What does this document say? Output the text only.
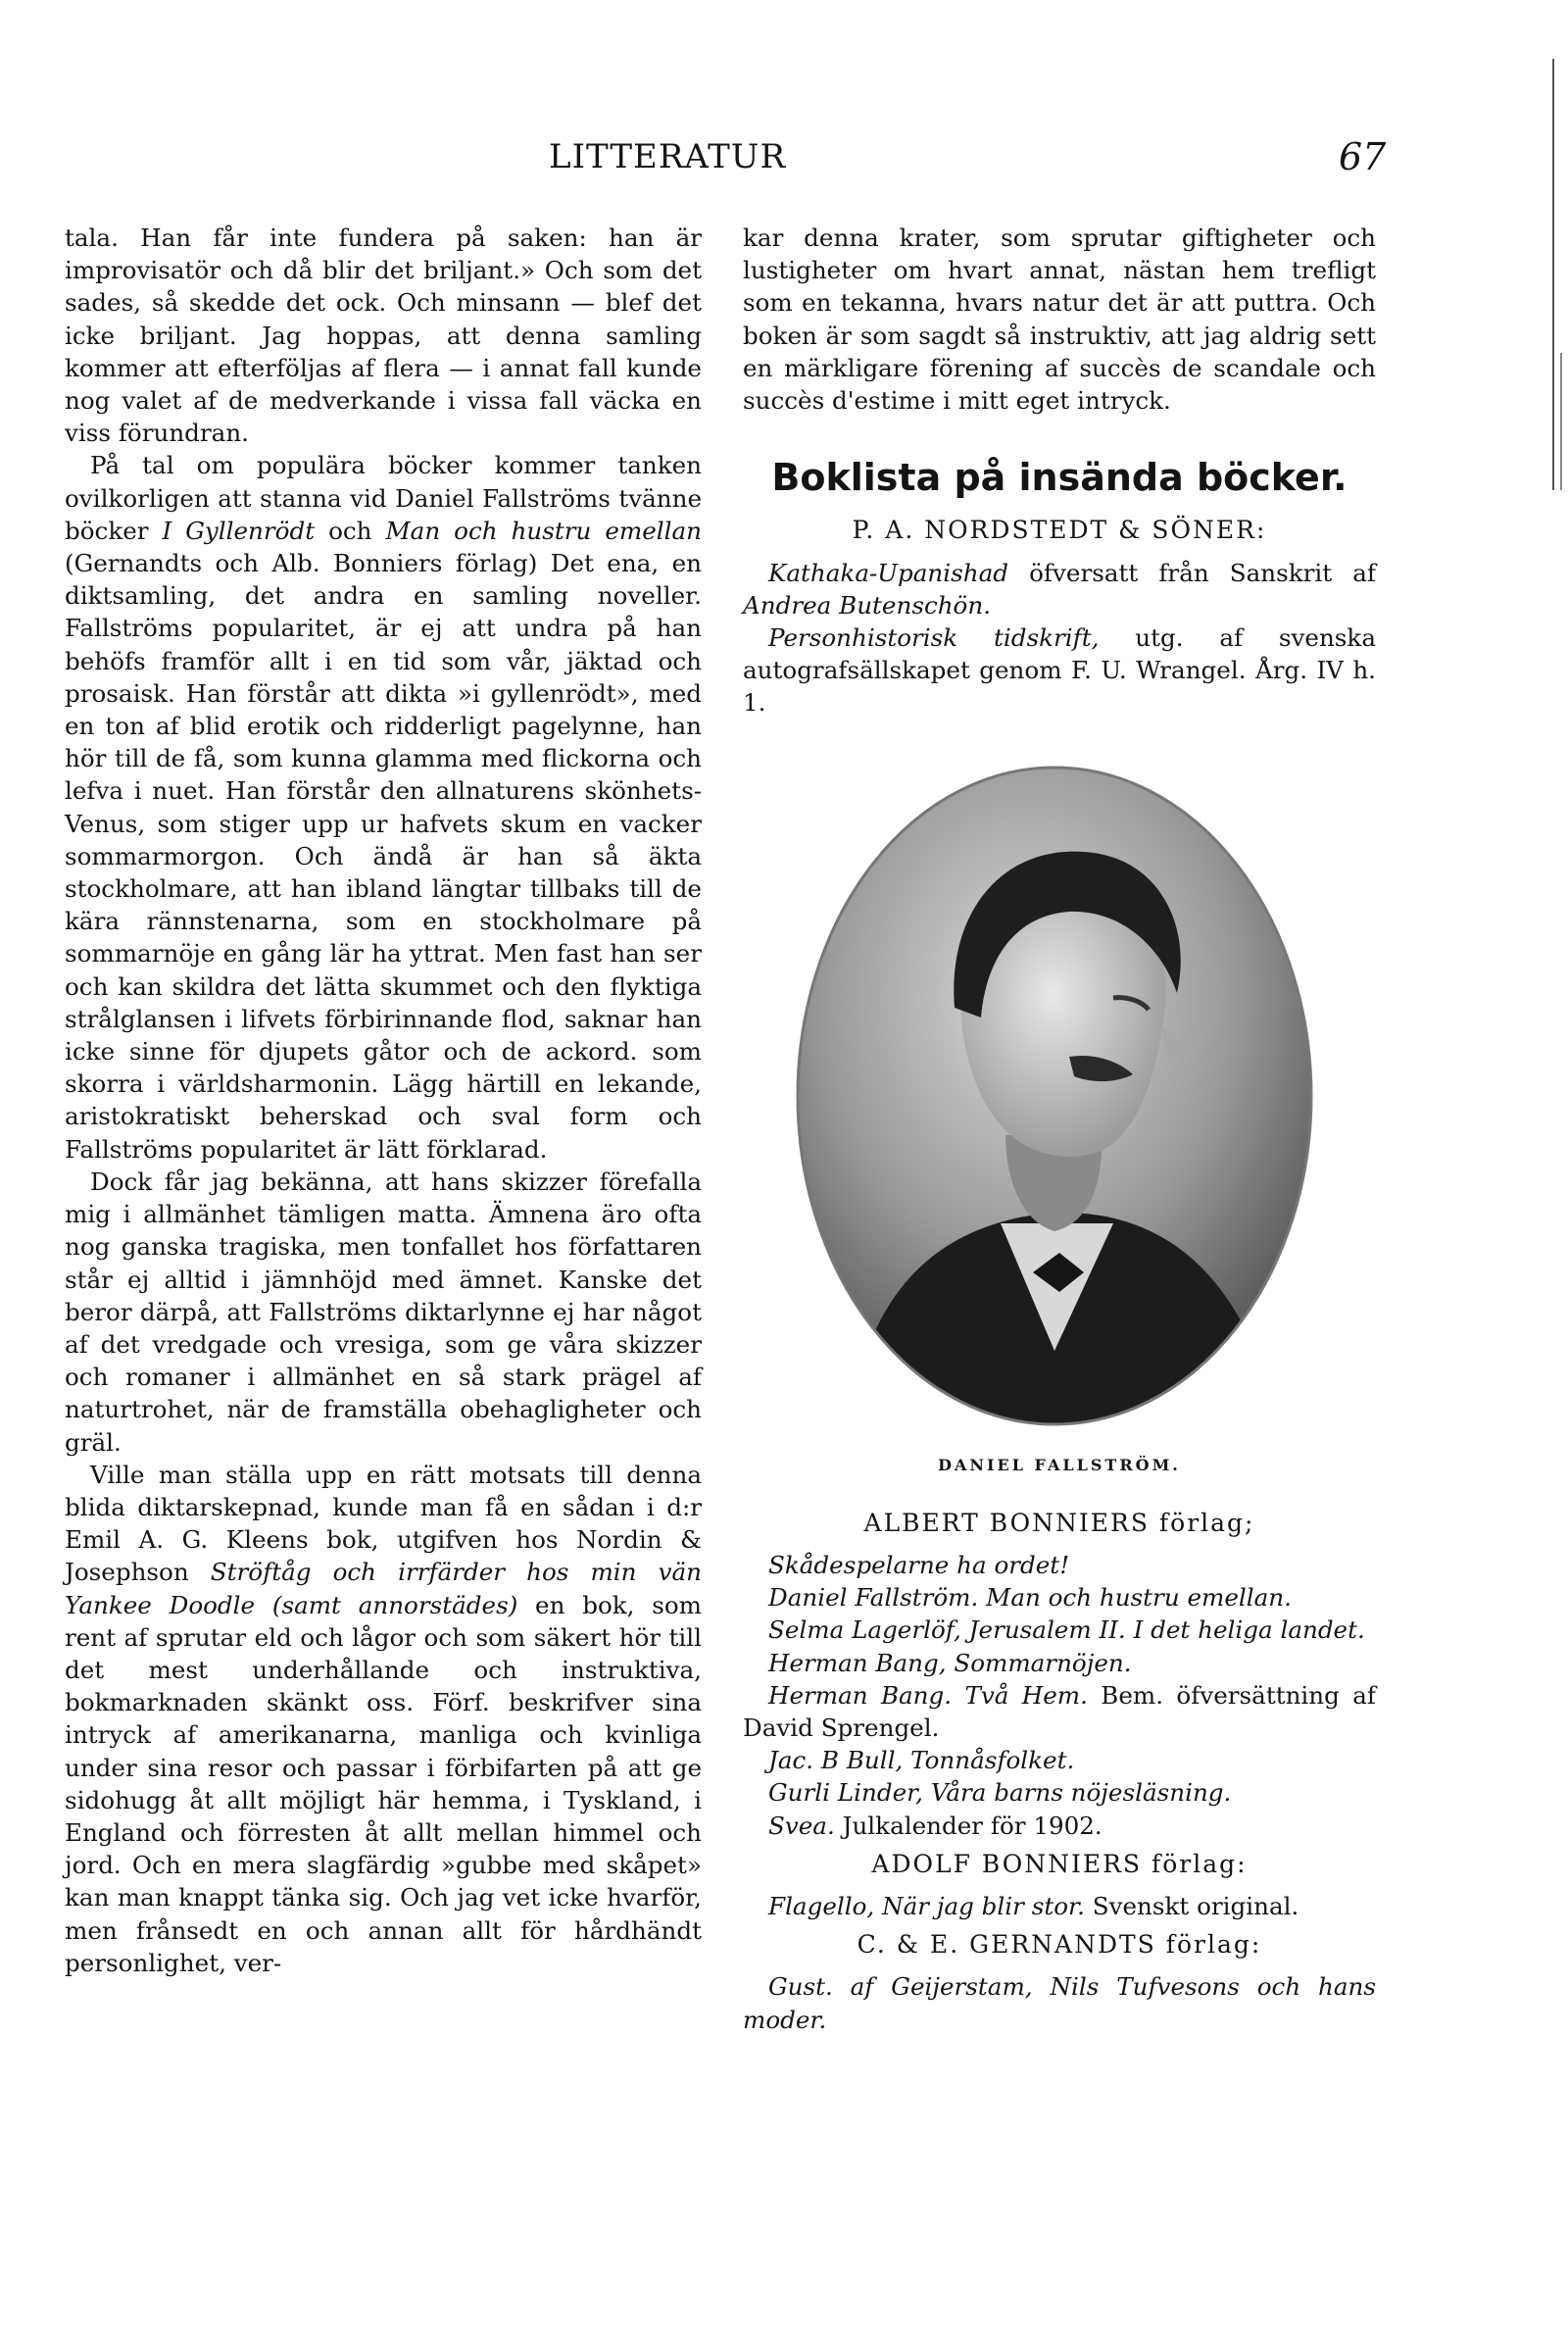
LITTERATUR	67

tala. Han får inte fundera på saken: han är improvisatör och då blir det briljant.» Och som det sades, så skedde det ock. Och minsann — blef det icke briljant. Jag hoppas, att denna samling kommer att efterföljas af flera — i annat fall kunde nog valet af de medverkande i vissa fall väcka en viss förundran.

På tal om populära böcker kommer tanken ovilkorligen att stanna vid Daniel Fallströms tvänne böcker I Gyllenrödt och Man och hustru emellan (Gernandts och Alb. Bonniers förlag) Det ena, en diktsamling, det andra en samling noveller. Fallströms popularitet, är ej att undra på han behöfs framför allt i en tid som vår, jäktad och prosaisk. Han förstår att dikta »i gyllenrödt», med en ton af blid erotik och ridderligt pagelynne, han hör till de få, som kunna glamma med flickorna och lefva i nuet. Han förstår den allnaturens skönhets-Venus, som stiger upp ur hafvets skum en vacker sommarmorgon. Och ändå är han så äkta stockholmare, att han ibland längtar tillbaks till de kära rännstenarna, som en stockholmare på sommarnöje en gång lär ha yttrat. Men fast han ser och kan skildra det lätta skummet och den flyktiga strålglansen i lifvets förbirinnande flod, saknar han icke sinne för djupets gåtor och de ackord. som skorra i världsharmonin. Lägg härtill en lekande, aristokratiskt beherskad och sval form och Fallströms popularitet är lätt förklarad.

Dock får jag bekänna, att hans skizzer förefalla mig i allmänhet tämligen matta. Ämnena äro ofta nog ganska tragiska, men tonfallet hos författaren står ej alltid i jämnhöjd med ämnet. Kanske det beror därpå, att Fallströms diktarlynne ej har något af det vredgade och vresiga, som ge våra skizzer och romaner i allmänhet en så stark prägel af naturtrohet, när de framställa obehagligheter och gräl.

Ville man ställa upp en rätt motsats till denna blida diktarskepnad, kunde man få en sådan i d:r Emil A. G. Kleens bok, utgifven hos Nordin & Josephson Ströftåg och irrfärder hos min vän Yankee Doodle (samt annorstädes) en bok, som rent af sprutar eld och lågor och som säkert hör till det mest underhållande och instruktiva, bokmarknaden skänkt oss. Förf. beskrifver sina intryck af amerikanarna, manliga och kvinliga under sina resor och passar i förbifarten på att ge sidohugg åt allt möjligt här hemma, i Tyskland, i England och förresten åt allt mellan himmel och jord. Och en mera slagfärdig »gubbe med skåpet» kan man knappt tänka sig. Och jag vet icke hvarför, men frånsedt en och annan allt för hårdhändt personlighet, ver-

kar denna krater, som sprutar giftigheter och lustigheter om hvart annat, nästan hem trefligt som en tekanna, hvars natur det är att puttra. Och boken är som sagdt så instruktiv, att jag aldrig sett en märkligare förening af succès de scandale och succès d'estime i mitt eget intryck.

Boklista på insända böcker.

P. A. NORDSTEDT & SÖNER:

Kathaka-Upanishad öfversatt från Sanskrit af Andrea Butenschön.

Personhistorisk tidskrift, utg. af svenska autografsällskapet genom F. U. Wrangel. Årg. IV h. 1.

DANIEL FALLSTRÖM.

ALBERT BONNIERS förlag;

Skådespelarne ha ordet!

Daniel Fallström. Man och hustru emellan.

Selma Lagerlöf, Jerusalem II. I det heliga landet.

Herman Bang, Sommarnöjen.

Herman Bang. Två Hem. Bem. öfversättning af David Sprengel.

Jac. B Bull, Tonnåsfolket.

Gurli Linder, Våra barns nöjesläsning.

Svea. Julkalender för 1902.

ADOLF BONNIERS förlag:

Flagello, När jag blir stor. Svenskt original.

C. & E. GERNANDTS förlag:

Gust. af Geijerstam, Nils Tufvesons och hans moder.
